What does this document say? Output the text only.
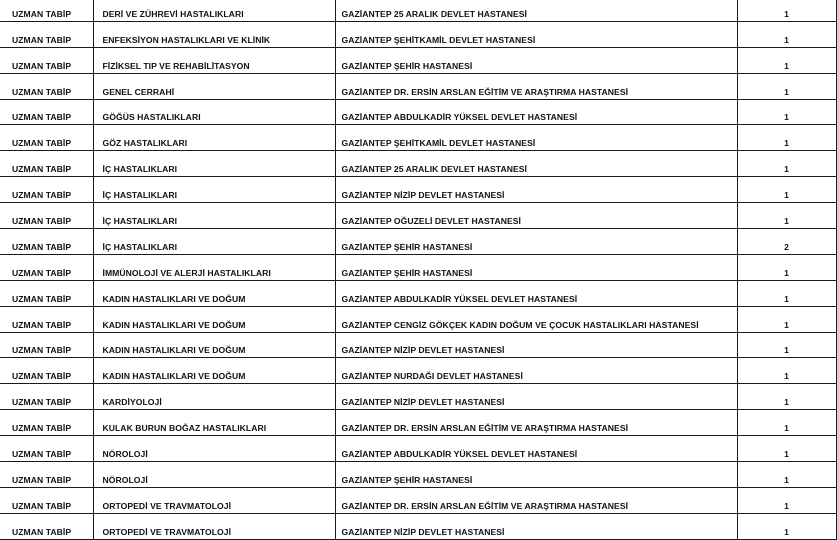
UZMAN TABİP	DERİ VE ZÜHREVİ HASTALIKLARI	GAZİANTEP 25 ARALIK DEVLET HASTANESİ	1
UZMAN TABİP	ENFEKSİYON HASTALIKLARI VE KLİNİK	GAZİANTEP ŞEHİTKAMİL DEVLET HASTANESİ	1
UZMAN TABİP	FİZİKSEL TIP VE REHABİLİTASYON	GAZİANTEP ŞEHİR HASTANESİ	1
UZMAN TABİP	GENEL CERRAHİ	GAZİANTEP DR. ERSİN ARSLAN EĞİTİM VE ARAŞTIRMA HASTANESİ	1
UZMAN TABİP	GÖĞÜS HASTALIKLARI	GAZİANTEP ABDULKADİR YÜKSEL DEVLET HASTANESİ	1
UZMAN TABİP	GÖZ HASTALIKLARI	GAZİANTEP ŞEHİTKAMİL DEVLET HASTANESİ	1
UZMAN TABİP	İÇ HASTALIKLARI	GAZİANTEP 25 ARALIK DEVLET HASTANESİ	1
UZMAN TABİP	İÇ HASTALIKLARI	GAZİANTEP NİZİP DEVLET HASTANESİ	1
UZMAN TABİP	İÇ HASTALIKLARI	GAZİANTEP OĞUZELİ DEVLET HASTANESİ	1
UZMAN TABİP	İÇ HASTALIKLARI	GAZİANTEP ŞEHİR HASTANESİ	2
UZMAN TABİP	İMMÜNOLOJİ VE ALERJİ HASTALIKLARI	GAZİANTEP ŞEHİR HASTANESİ	1
UZMAN TABİP	KADIN HASTALIKLARI VE DOĞUM	GAZİANTEP ABDULKADİR YÜKSEL DEVLET HASTANESİ	1
UZMAN TABİP	KADIN HASTALIKLARI VE DOĞUM	GAZİANTEP CENGİZ GÖKÇEK KADIN DOĞUM VE ÇOCUK HASTALIKLARI HASTANESİ	1
UZMAN TABİP	KADIN HASTALIKLARI VE DOĞUM	GAZİANTEP NİZİP DEVLET HASTANESİ	1
UZMAN TABİP	KADIN HASTALIKLARI VE DOĞUM	GAZİANTEP NURDAĞI DEVLET HASTANESİ	1
UZMAN TABİP	KARDİYOLOJİ	GAZİANTEP NİZİP DEVLET HASTANESİ	1
UZMAN TABİP	KULAK BURUN BOĞAZ HASTALIKLARI	GAZİANTEP DR. ERSİN ARSLAN EĞİTİM VE ARAŞTIRMA HASTANESİ	1
UZMAN TABİP	NÖROLOJİ	GAZİANTEP ABDULKADİR YÜKSEL DEVLET HASTANESİ	1
UZMAN TABİP	NÖROLOJİ	GAZİANTEP ŞEHİR HASTANESİ	1
UZMAN TABİP	ORTOPEDİ VE TRAVMATOLOJİ	GAZİANTEP DR. ERSİN ARSLAN EĞİTİM VE ARAŞTIRMA HASTANESİ	1
UZMAN TABİP	ORTOPEDİ VE TRAVMATOLOJİ	GAZİANTEP NİZİP DEVLET HASTANESİ	1
